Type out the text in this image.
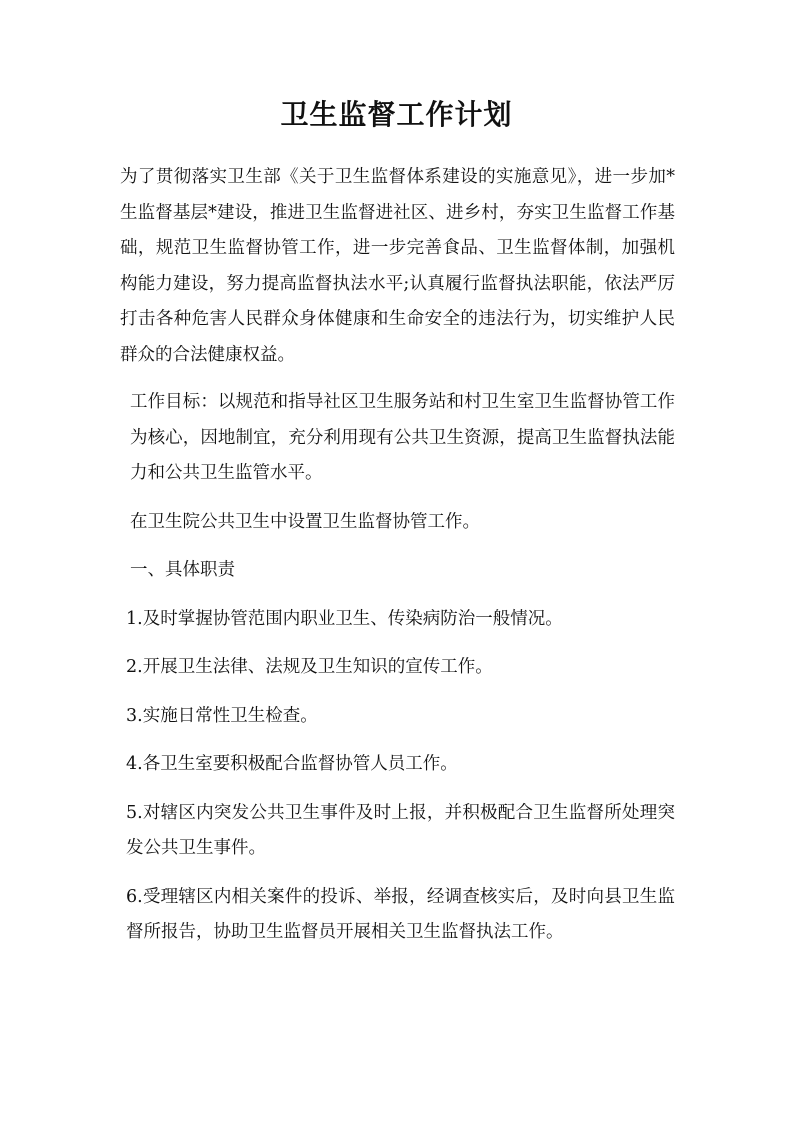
卫生监督工作计划

为了贯彻落实卫生部《关于卫生监督体系建设的实施意见》，进一步加*生监督基层*建设，推进卫生监督进社区、进乡村，夯实卫生监督工作基础，规范卫生监督协管工作，进一步完善食品、卫生监督体制，加强机构能力建设，努力提高监督执法水平;认真履行监督执法职能，依法严厉打击各种危害人民群众身体健康和生命安全的违法行为，切实维护人民群众的合法健康权益。

工作目标：以规范和指导社区卫生服务站和村卫生室卫生监督协管工作为核心，因地制宜，充分利用现有公共卫生资源，提高卫生监督执法能力和公共卫生监管水平。

在卫生院公共卫生中设置卫生监督协管工作。

一、具体职责

1.及时掌握协管范围内职业卫生、传染病防治一般情况。

2.开展卫生法律、法规及卫生知识的宣传工作。

3.实施日常性卫生检查。

4.各卫生室要积极配合监督协管人员工作。

5.对辖区内突发公共卫生事件及时上报，并积极配合卫生监督所处理突发公共卫生事件。

6.受理辖区内相关案件的投诉、举报，经调查核实后，及时向县卫生监督所报告，协助卫生监督员开展相关卫生监督执法工作。
